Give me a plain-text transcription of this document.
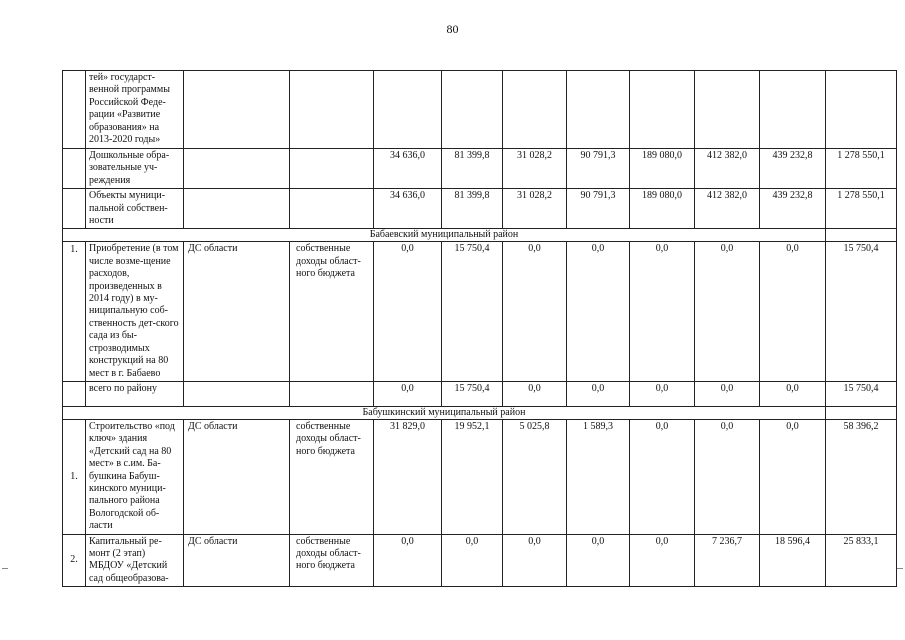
80
	тей» государст-венной программы Российской Феде-рации «Развитие образования» на 2013-2020 годы»										
	Дошкольные обра-зовательные уч-реждения			34 636,0	81 399,8	31 028,2	90 791,3	189 080,0	412 382,0	439 232,8	1 278 550,1
	Объекты муници-пальной собствен-ности			34 636,0	81 399,8	31 028,2	90 791,3	189 080,0	412 382,0	439 232,8	1 278 550,1
Бабаевский муниципальный район											
1.	Приобретение (в том числе возме-щение расходов, произведенных в 2014 году) в му-ниципальную соб-ственность дет-ского сада из бы-строзводимых конструкций на 80 мест в г. Бабаево	ДС области	собственные доходы област-ного бюджета	0,0	15 750,4	0,0	0,0	0,0	0,0	0,0	15 750,4
	всего по району			0,0	15 750,4	0,0	0,0	0,0	0,0	0,0	15 750,4
Бабушкинский муниципальный район											
1.	Строительство «под ключ» здания «Детский сад на 80 мест» в с.им. Ба-бушкина Бабуш-кинского муници-пального района Вологодской об-ласти	ДС области	собственные доходы област-ного бюджета	31 829,0	19 952,1	5 025,8	1 589,3	0,0	0,0	0,0	58 396,2
2.	Капитальный ре-монт (2 этап) МБДОУ «Детский сад общеобразова-	ДС области	собственные доходы област-ного бюджета	0,0	0,0	0,0	0,0	0,0	7 236,7	18 596,4	25 833,1
